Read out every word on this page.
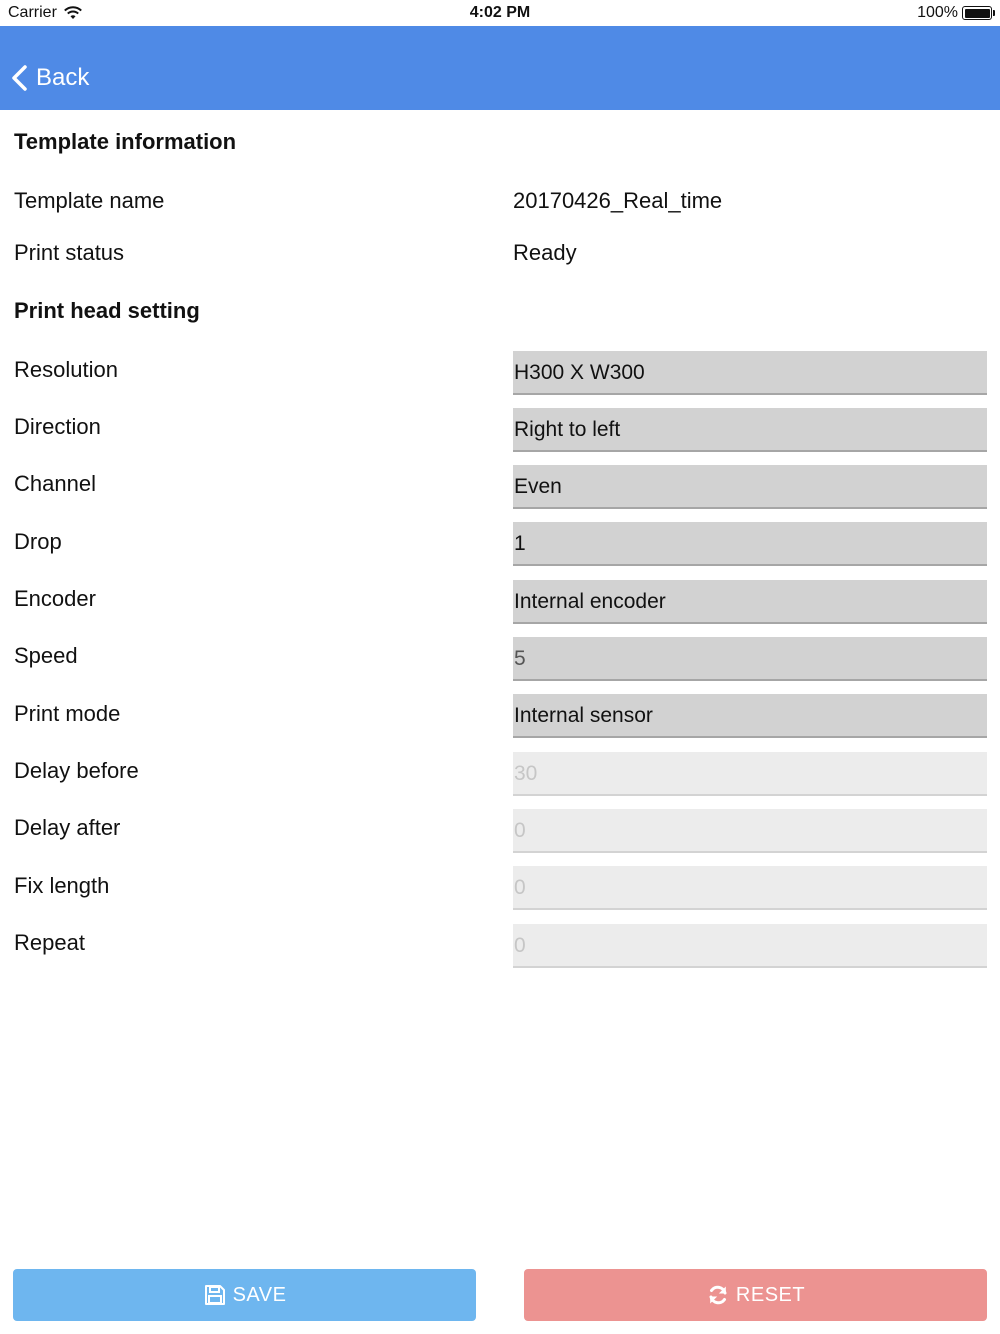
Carrier	4:02 PM	100%
Back
Template information
Template name	20170426_Real_time
Print status	Ready
Print head setting
Resolution	H300 X W300
Direction	Right to left
Channel	Even
Drop	1
Encoder	Internal encoder
Speed	5
Print mode	Internal sensor
Delay before	30
Delay after	0
Fix length	0
Repeat	0
SAVE	RESET
